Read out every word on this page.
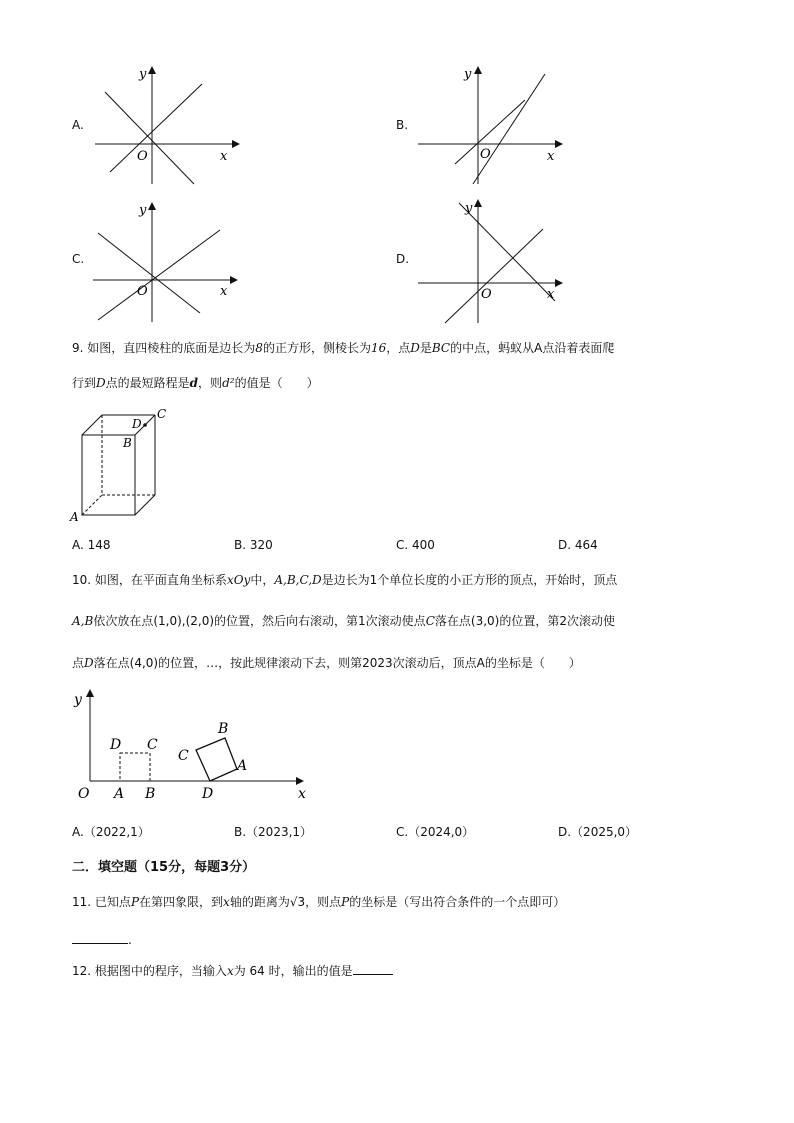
A.
y
O	x
B.
y
O	x
C.
y
O	x
D.
y
O	x
9. 如图，直四棱柱的底面是边长为8的正方形，侧棱长为16，点D是BC的中点，蚂蚁从A点沿着表面爬
行到D点的最短路程是d，则d²的值是（　　）
C
D
B
A
A. 148	B. 320	C. 400	D. 464
10. 如图，在平面直角坐标系xOy中，A,B,C,D是边长为1个单位长度的小正方形的顶点，开始时，顶点
A,B依次放在点(1,0),(2,0)的位置，然后向右滚动，第1次滚动使点C落在点(3,0)的位置，第2次滚动使
点D落在点(4,0)的位置，…，按此规律滚动下去，则第2023次滚动后，顶点A的坐标是（　　）
y
x
O A B	D
D C
B
C
A
A.（2022,1）	B.（2023,1）	C.（2024,0）	D.（2025,0）
二．填空题（15分，每题3分）
11. 已知点P在第四象限，到x轴的距离为√3，则点P的坐标是（写出符合条件的一个点即可）
.
12. 根据图中的程序，当输入x为 64 时，输出的值是
